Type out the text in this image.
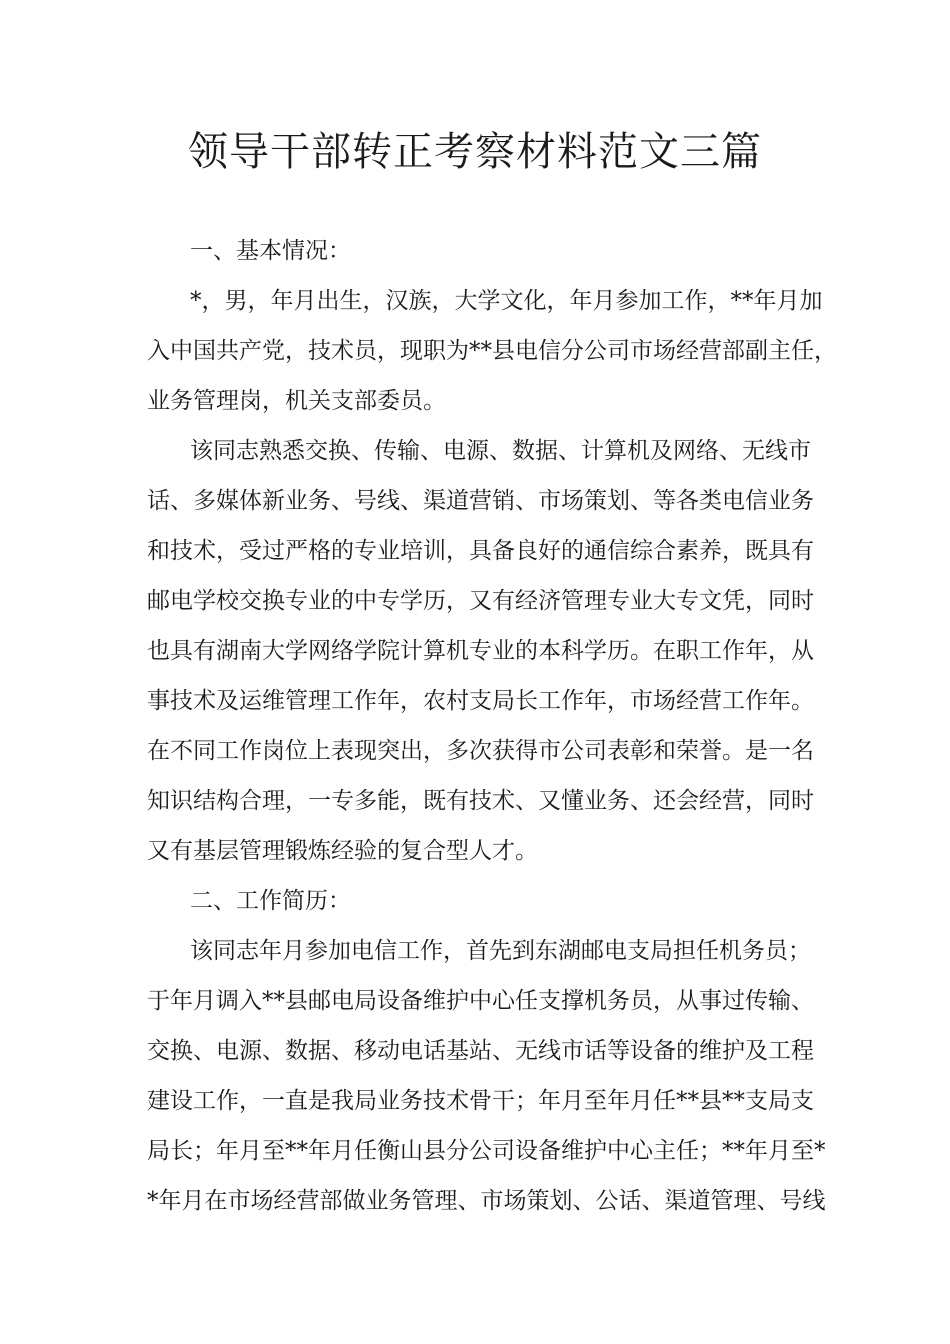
领导干部转正考察材料范文三篇
一、基本情况：
*，男，年月出生，汉族，大学文化，年月参加工作，**年月加
入中国共产党，技术员，现职为**县电信分公司市场经营部副主任，
业务管理岗，机关支部委员。
该同志熟悉交换、传输、电源、数据、计算机及网络、无线市
话、多媒体新业务、号线、渠道营销、市场策划、等各类电信业务
和技术，受过严格的专业培训，具备良好的通信综合素养，既具有
邮电学校交换专业的中专学历，又有经济管理专业大专文凭，同时
也具有湖南大学网络学院计算机专业的本科学历。在职工作年，从
事技术及运维管理工作年，农村支局长工作年，市场经营工作年。
在不同工作岗位上表现突出，多次获得市公司表彰和荣誉。是一名
知识结构合理，一专多能，既有技术、又懂业务、还会经营，同时
又有基层管理锻炼经验的复合型人才。
二、工作简历：
该同志年月参加电信工作，首先到东湖邮电支局担任机务员；
于年月调入**县邮电局设备维护中心任支撑机务员，从事过传输、
交换、电源、数据、移动电话基站、无线市话等设备的维护及工程
建设工作，一直是我局业务技术骨干；年月至年月任**县**支局支
局长；年月至**年月任衡山县分公司设备维护中心主任；**年月至*
*年月在市场经营部做业务管理、市场策划、公话、渠道管理、号线
